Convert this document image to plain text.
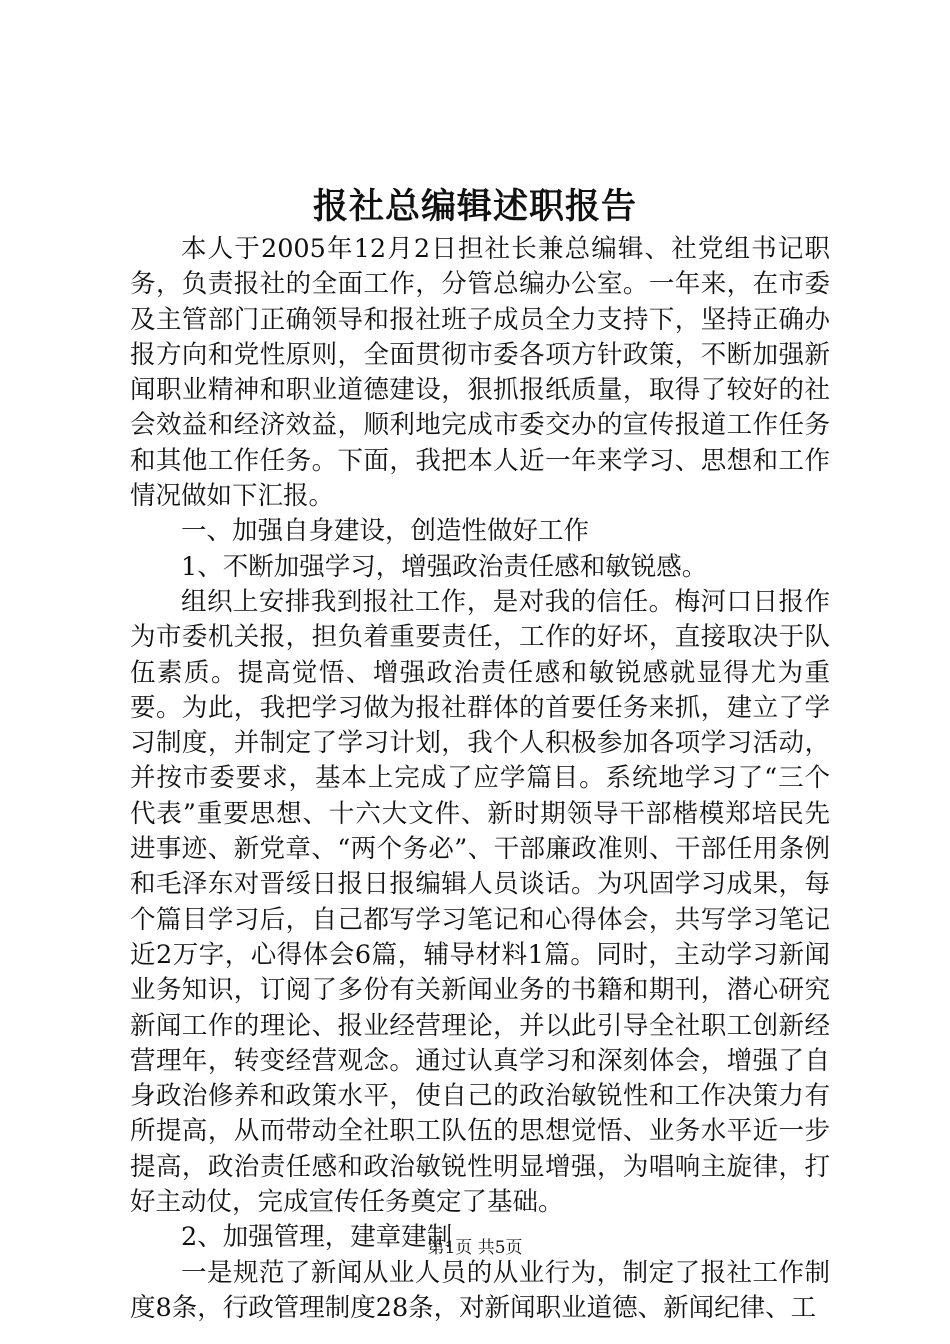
报社总编辑述职报告

本人于2005年12月2日担社长兼总编辑、社党组书记职务，负责报社的全面工作，分管总编办公室。一年来，在市委及主管部门正确领导和报社班子成员全力支持下，坚持正确办报方向和党性原则，全面贯彻市委各项方针政策，不断加强新闻职业精神和职业道德建设，狠抓报纸质量，取得了较好的社会效益和经济效益，顺利地完成市委交办的宣传报道工作任务和其他工作任务。下面，我把本人近一年来学习、思想和工作情况做如下汇报。

一、加强自身建设，创造性做好工作

1、不断加强学习，增强政治责任感和敏锐感。

组织上安排我到报社工作，是对我的信任。梅河口日报作为市委机关报，担负着重要责任，工作的好坏，直接取决于队伍素质。提高觉悟、增强政治责任感和敏锐感就显得尤为重要。为此，我把学习做为报社群体的首要任务来抓，建立了学习制度，并制定了学习计划，我个人积极参加各项学习活动，并按市委要求，基本上完成了应学篇目。系统地学习了“三个代表”重要思想、十六大文件、新时期领导干部楷模郑培民先进事迹、新党章、“两个务必”、干部廉政准则、干部任用条例和毛泽东对晋绥日报日报编辑人员谈话。为巩固学习成果，每个篇目学习后，自己都写学习笔记和心得体会，共写学习笔记近2万字，心得体会6篇，辅导材料1篇。同时，主动学习新闻业务知识，订阅了多份有关新闻业务的书籍和期刊，潜心研究新闻工作的理论、报业经营理论，并以此引导全社职工创新经营理年，转变经营观念。通过认真学习和深刻体会，增强了自身政治修养和政策水平，使自己的政治敏锐性和工作决策力有所提高，从而带动全社职工队伍的思想觉悟、业务水平近一步提高，政治责任感和政治敏锐性明显增强，为唱响主旋律，打好主动仗，完成宣传任务奠定了基础。

2、加强管理，建章建制

一是规范了新闻从业人员的从业行为，制定了报社工作制度8条，行政管理制度28条，对新闻职业道德、新闻纪律、工

第1页 共5页
